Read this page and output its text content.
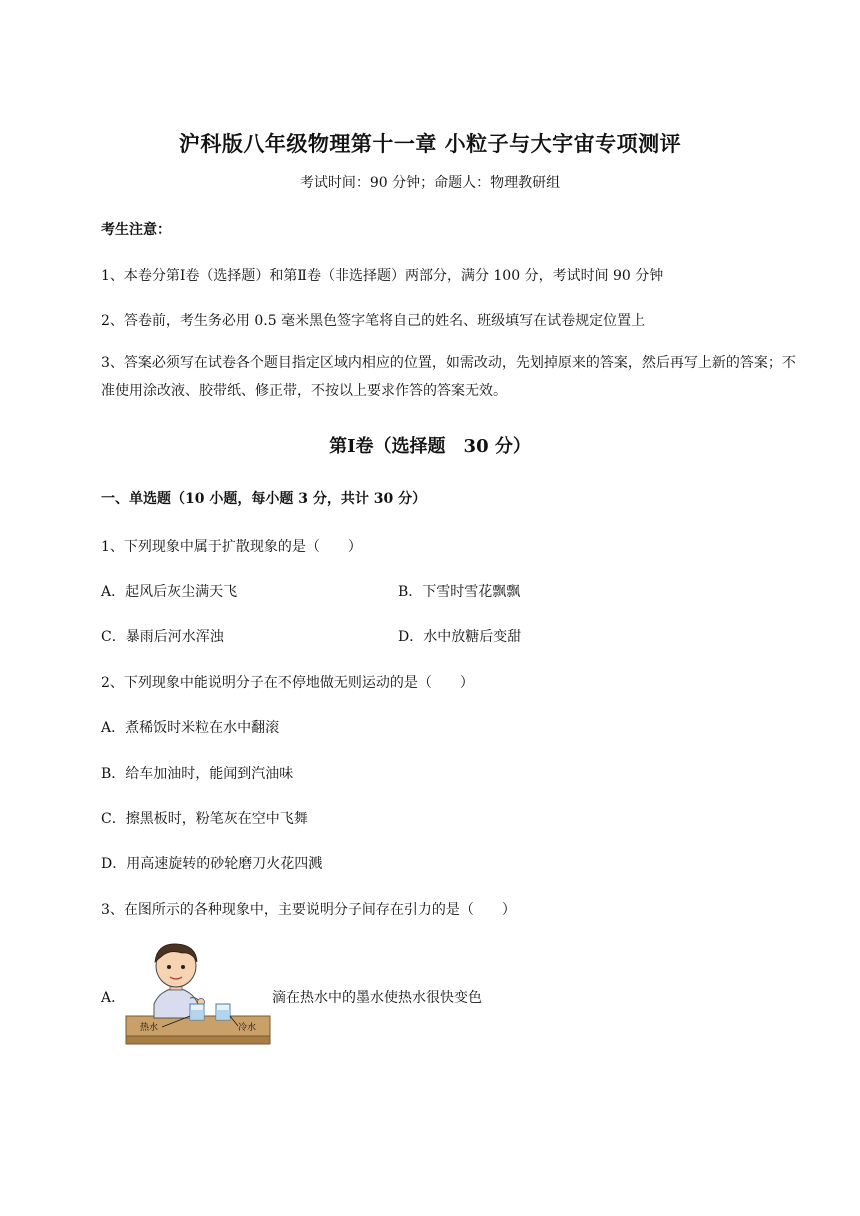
沪科版八年级物理第十一章 小粒子与大宇宙专项测评
考试时间：90 分钟；命题人：物理教研组
考生注意：
1、本卷分第Ⅰ卷（选择题）和第Ⅱ卷（非选择题）两部分，满分 100 分，考试时间 90 分钟
2、答卷前，考生务必用 0.5 毫米黑色签字笔将自己的姓名、班级填写在试卷规定位置上
3、答案必须写在试卷各个题目指定区域内相应的位置，如需改动，先划掉原来的答案，然后再写上新的答案；不准使用涂改液、胶带纸、修正带，不按以上要求作答的答案无效。
第Ⅰ卷（选择题　30 分）
一、单选题（10 小题，每小题 3 分，共计 30 分）
1、下列现象中属于扩散现象的是（　　）
A．起风后灰尘满天飞	B．下雪时雪花飘飘
C．暴雨后河水浑浊	D．水中放糖后变甜
2、下列现象中能说明分子在不停地做无则运动的是（　　）
A．煮稀饭时米粒在水中翻滚
B．给车加油时，能闻到汽油味
C．擦黑板时，粉笔灰在空中飞舞
D．用高速旋转的砂轮磨刀火花四溅
3、在图所示的各种现象中，主要说明分子间存在引力的是（　　）
A．
热水	冷水
滴在热水中的墨水使热水很快变色
